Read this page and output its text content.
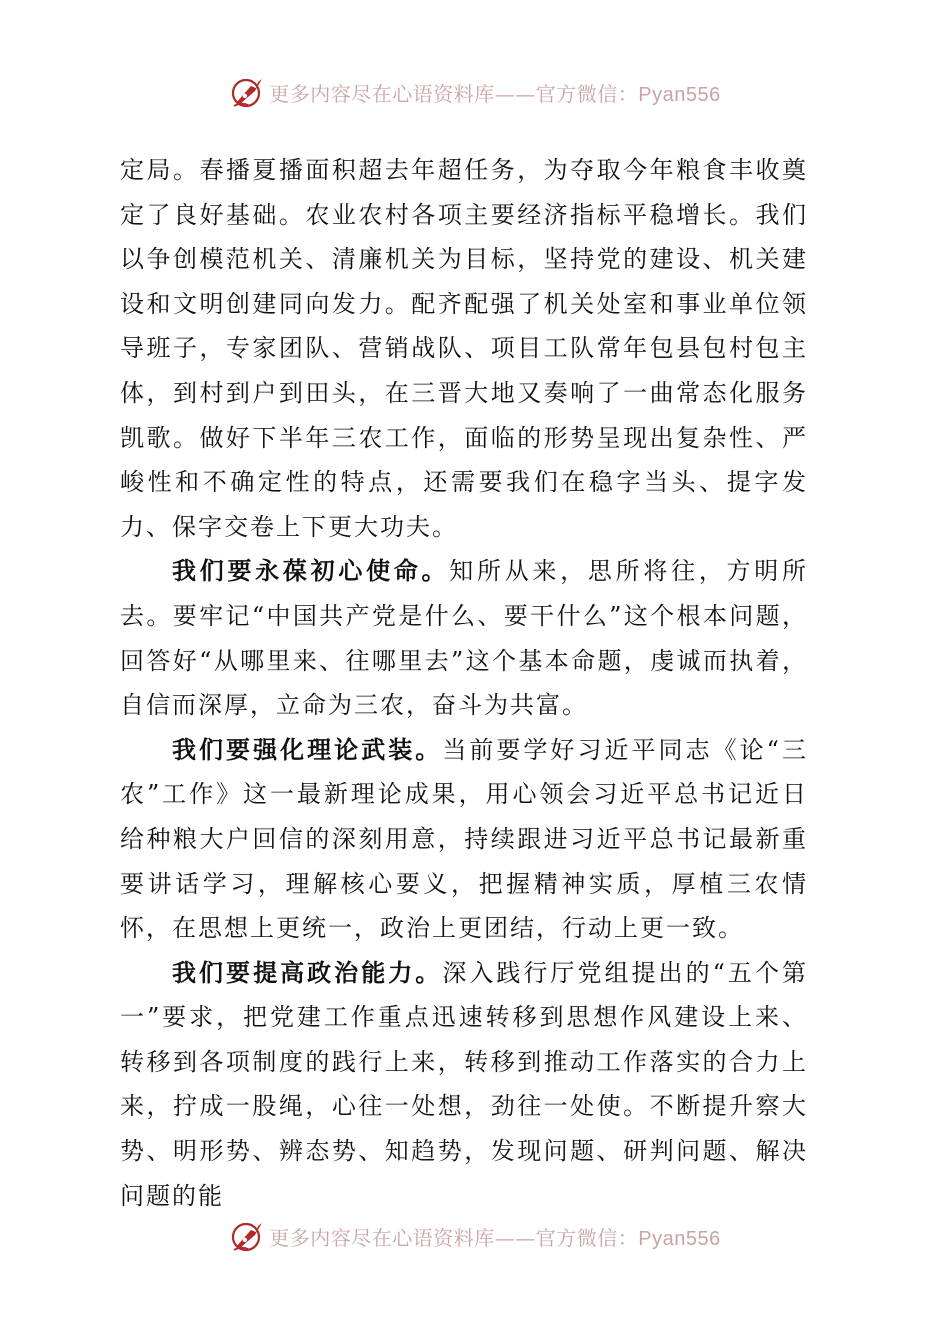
更多内容尽在心语资料库——官方微信：Pyan556

定局。春播夏播面积超去年超任务，为夺取今年粮食丰收奠定了良好基础。农业农村各项主要经济指标平稳增长。我们以争创模范机关、清廉机关为目标，坚持党的建设、机关建设和文明创建同向发力。配齐配强了机关处室和事业单位领导班子，专家团队、营销战队、项目工队常年包县包村包主体，到村到户到田头，在三晋大地又奏响了一曲常态化服务凯歌。做好下半年三农工作，面临的形势呈现出复杂性、严峻性和不确定性的特点，还需要我们在稳字当头、提字发力、保字交卷上下更大功夫。

我们要永葆初心使命。知所从来，思所将往，方明所去。要牢记“中国共产党是什么、要干什么”这个根本问题，回答好“从哪里来、往哪里去”这个基本命题，虔诚而执着，自信而深厚，立命为三农，奋斗为共富。

我们要强化理论武装。当前要学好习近平同志《论“三农”工作》这一最新理论成果，用心领会习近平总书记近日给种粮大户回信的深刻用意，持续跟进习近平总书记最新重要讲话学习，理解核心要义，把握精神实质，厚植三农情怀，在思想上更统一，政治上更团结，行动上更一致。

我们要提高政治能力。深入践行厅党组提出的“五个第一”要求，把党建工作重点迅速转移到思想作风建设上来、转移到各项制度的践行上来，转移到推动工作落实的合力上来，拧成一股绳，心往一处想，劲往一处使。不断提升察大势、明形势、辨态势、知趋势，发现问题、研判问题、解决问题的能

更多内容尽在心语资料库——官方微信：Pyan556
